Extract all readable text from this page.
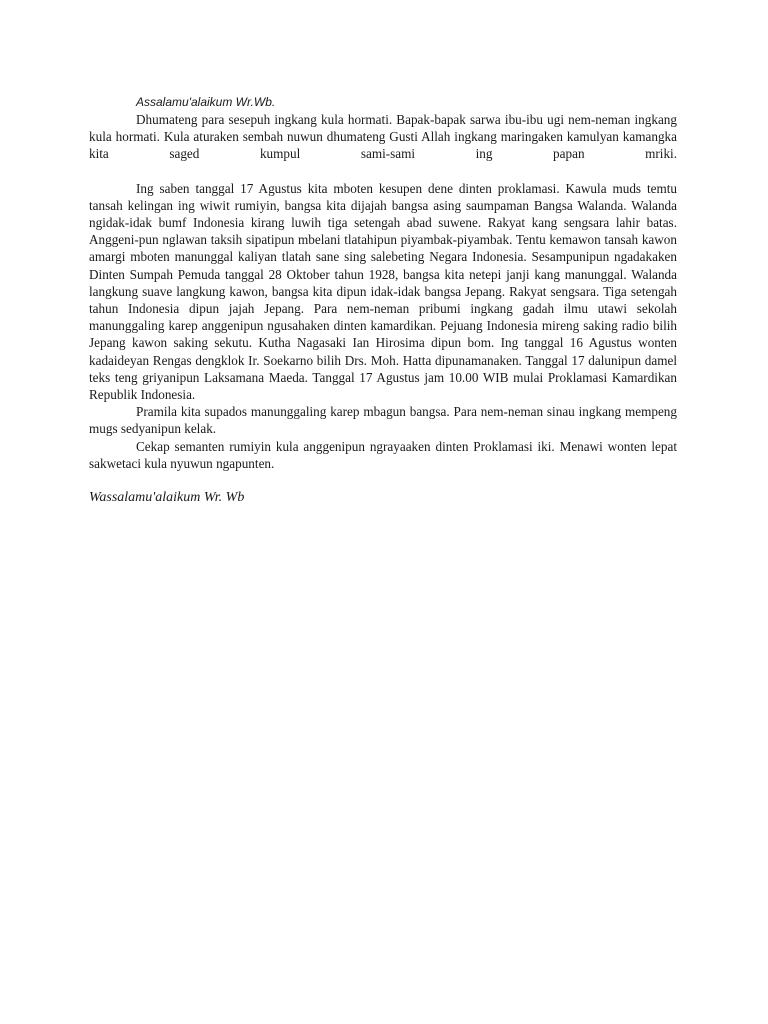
Assalamu'alaikum Wr.Wb.

Dhumateng para sesepuh ingkang kula hormati. Bapak-bapak sarwa ibu-ibu ugi nem-neman ingkang kula hormati. Kula aturaken sembah nuwun dhumateng Gusti Allah ingkang maringaken kamulyan kamangka kita saged kumpul sami-sami ing papan mriki.

Ing saben tanggal 17 Agustus kita mboten kesupen dene dinten proklamasi. Kawula muds temtu tansah kelingan ing wiwit rumiyin, bangsa kita dijajah bangsa asing saumpaman Bangsa Walanda. Walanda ngidak-idak bumf Indonesia kirang luwih tiga setengah abad suwene. Rakyat kang sengsara lahir batas. Anggeni-pun nglawan taksih sipatipun mbelani tlatahipun piyambak-piyambak. Tentu kemawon tansah kawon amargi mboten manunggal kaliyan tlatah sane sing salebeting Negara Indonesia. Sesampunipun ngadakaken Dinten Sumpah Pemuda tanggal 28 Oktober tahun 1928, bangsa kita netepi janji kang manunggal. Walanda langkung suave langkung kawon, bangsa kita dipun idak-idak bangsa Jepang. Rakyat sengsara. Tiga setengah tahun Indonesia dipun jajah Jepang. Para nem-neman pribumi ingkang gadah ilmu utawi sekolah manunggaling karep anggenipun ngusahaken dinten kamardikan. Pejuang Indonesia mireng saking radio bilih Jepang kawon saking sekutu. Kutha Nagasaki Ian Hirosima dipun bom. Ing tanggal 16 Agustus wonten kadaideyan Rengas dengklok Ir. Soekarno bilih Drs. Moh. Hatta dipunamanaken. Tanggal 17 dalunipun damel teks teng griyanipun Laksamana Maeda. Tanggal 17 Agustus jam 10.00 WIB mulai Proklamasi Kamardikan Republik Indonesia.

Pramila kita supados manunggaling karep mbagun bangsa. Para nem-neman sinau ingkang mempeng mugs sedyanipun kelak.

Cekap semanten rumiyin kula anggenipun ngrayaaken dinten Proklamasi iki. Menawi wonten lepat sakwetaci kula nyuwun ngapunten.

Wassalamu'alaikum Wr. Wb
